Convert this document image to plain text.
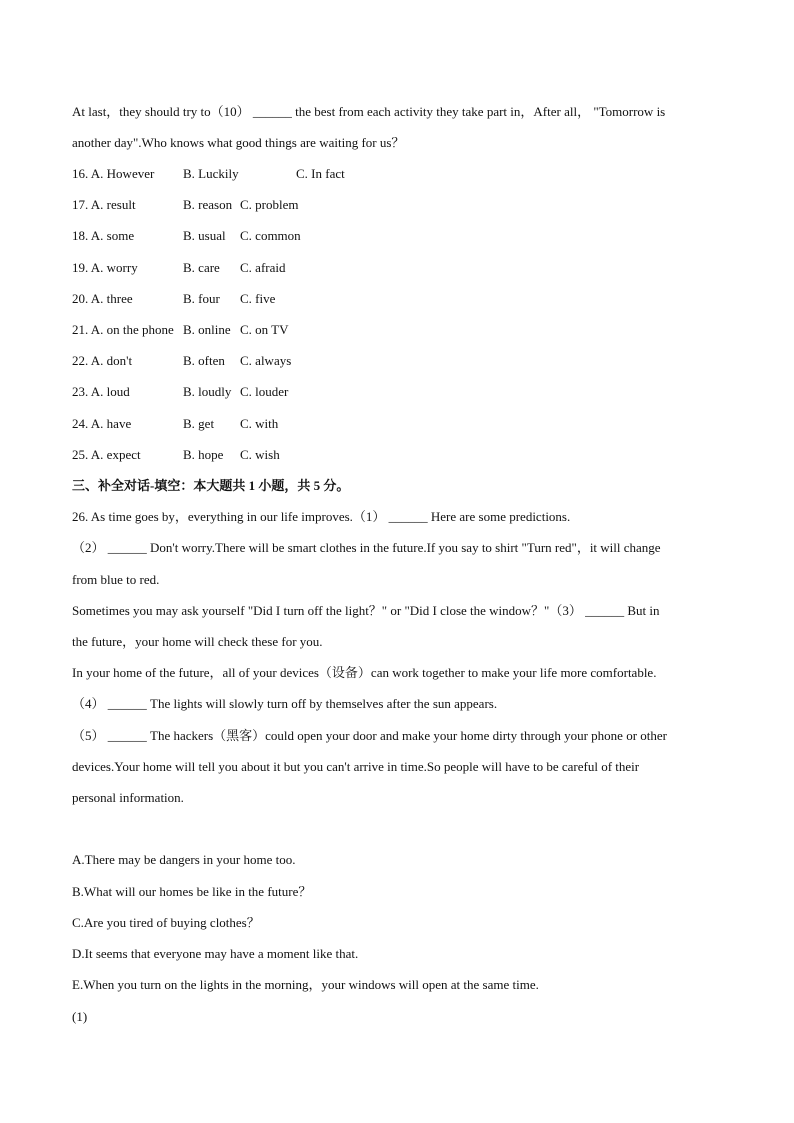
At last，they should try to（10） ______ the best from each activity they take part in，After all， "Tomorrow is
another day".Who knows what good things are waiting for us？
16. A. However B. Luckily	C. In fact
17. A. result	B. reason C. problem
18. A. some	B. usual C. common
19. A. worry	B. care C. afraid
20. A. three	B. four C. five
21. A. on the phone B. online C. on TV
22. A. don't	B. often C. always
23. A. loud	B. loudly C. louder
24. A. have	B. get C. with
25. A. expect	B. hope C. wish
三、补全对话-填空：本大题共 1 小题，共 5 分。
26. As time goes by，everything in our life improves.（1） ______ Here are some predictions.
（2） ______ Don't worry.There will be smart clothes in the future.If you say to shirt "Turn red"，it will change
from blue to red.
Sometimes you may ask yourself "Did I turn off the light？" or "Did I close the window？"（3） ______ But in
the future，your home will check these for you.
In your home of the future，all of your devices（设备）can work together to make your life more comfortable.
（4） ______ The lights will slowly turn off by themselves after the sun appears.
（5） ______ The hackers（黑客）could open your door and make your home dirty through your phone or other
devices.Your home will tell you about it but you can't arrive in time.So people will have to be careful of their
personal information.
A.There may be dangers in your home too.
B.What will our homes be like in the future？
C.Are you tired of buying clothes？
D.It seems that everyone may have a moment like that.
E.When you turn on the lights in the morning，your windows will open at the same time.
(1)
